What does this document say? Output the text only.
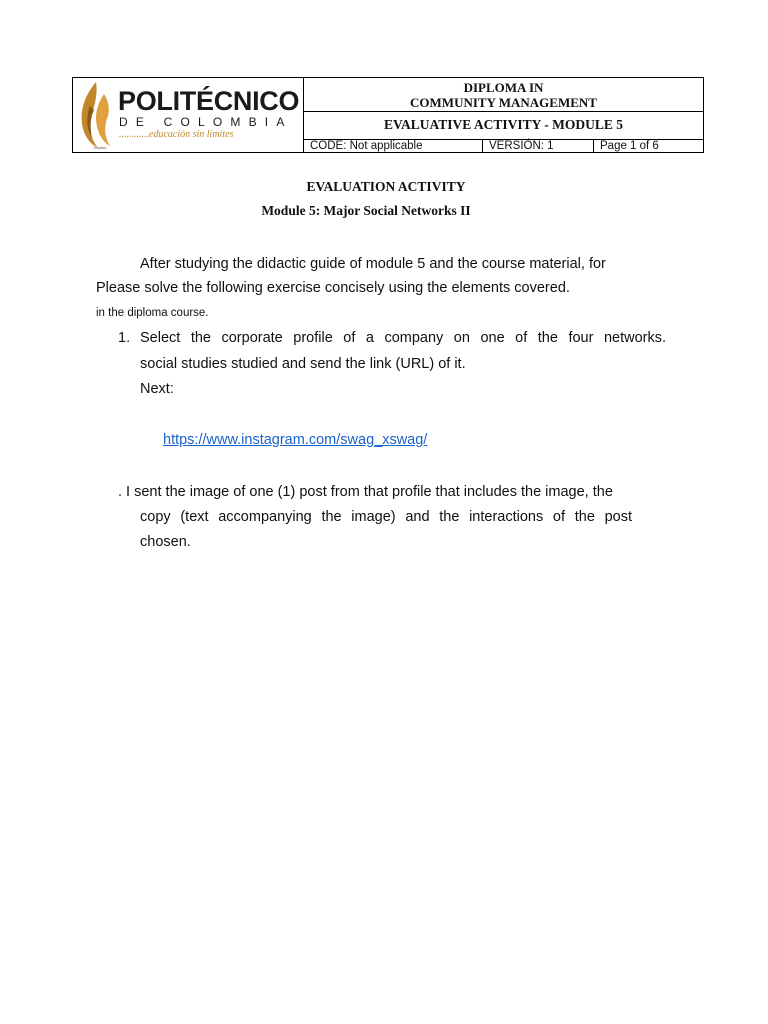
POLITÉCNICO
DE COLOMBIA
............educación sin límites
DIPLOMA IN
COMMUNITY MANAGEMENT
EVALUATIVE ACTIVITY - MODULE 5
CODE: Not applicable	VERSIÓN: 1	Page 1 of 6
EVALUATION ACTIVITY
Module 5: Major Social Networks II
After studying the didactic guide of module 5 and the course material, for
Please solve the following exercise concisely using the elements covered.
in the diploma course.
1. Select the corporate profile of a company on one of the four networks.
social studies studied and send the link (URL) of it.
Next:
https://www.instagram.com/swag_xswag/
. I sent the image of one (1) post from that profile that includes the image, the
copy (text accompanying the image) and the interactions of the post
chosen.
